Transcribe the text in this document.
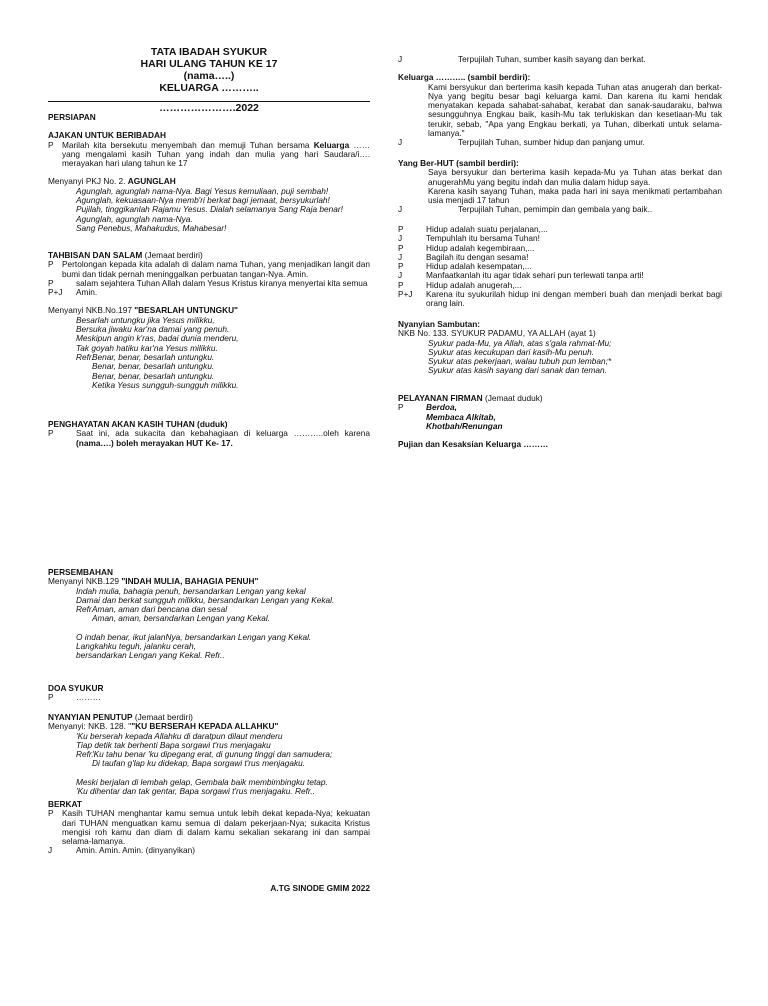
TATA IBADAH SYUKUR
HARI ULANG TAHUN KE 17
(nama…..)
KELUARGA ………..
………………….2022
PERSIAPAN
AJAKAN UNTUK BERIBADAH
P	Marilah kita bersekutu menyembah dan memuji Tuhan bersama Keluarga …… yang mengalami kasih Tuhan yang indah dan mulia yang hari Saudara/i…. merayakan hari ulang tahun ke 17
Menyanyi PKJ No. 2. AGUNGLAH
Agunglah, agunglah nama-Nya. Bagi Yesus kemuliaan, puji sembah!
Agunglah, kekuasaan-Nya memb'ri berkat bagi jemaat, bersyukurlah!
Pujilah, tinggikanlah Rajamu Yesus. Dialah selamanya Sang Raja benar!
Agunglah, agunglah nama-Nya.
Sang Penebus, Mahakudus, Mahabesar!
TAHBISAN DAN SALAM (Jemaat berdiri)
P	Pertolongan kepada kita adalah di dalam nama Tuhan, yang menjadikan langit dan bumi dan tidak pernah meninggalkan perbuatan tangan-Nya. Amin.
P	salam sejahtera Tuhan Allah dalam Yesus Kristus kiranya menyertai kita semua
P+J	Amin.
Menyanyi NKB.No.197 "BESARLAH UNTUNGKU"
Besarlah untungku jika Yesus milikku,
Bersuka jiwaku kar'na damai yang penuh.
Meskipun angin k'ras, badai dunia menderu,
Tak goyah hatiku kar'na Yesus milikku.
Refr.
Benar, benar, besarlah untungku.
Benar, benar, besarlah untungku.
Benar, benar, besarlah untungku.
Ketika Yesus sungguh-sungguh milikku.
PENGHAYATAN AKAN KASIH TUHAN (duduk)
P	Saat ini, ada sukacita dan kebahagiaan di keluarga ………..oleh karena (nama….) boleh merayakan HUT Ke- 17.
PERSEMBAHAN
Menyanyi NKB.129 "INDAH MULIA, BAHAGIA PENUH"
Indah mulia, bahagia penuh, bersandarkan Lengan yang kekal
Damai dan berkat sungguh milikku, bersandarkan Lengan yang Kekal.
Refr.
Aman, aman dari bencana dan sesal
Aman, aman, bersandarkan Lengan yang Kekal.
O indah benar, ikut jalanNya, bersandarkan Lengan yang Kekal.
Langkahku teguh, jalanku cerah,
bersandarkan Lengan yang Kekal. Refr..
DOA SYUKUR
P	………
NYANYIAN PENUTUP (Jemaat berdiri)
Menyanyi: NKB. 128. ""KU BERSERAH KEPADA ALLAHKU"
'Ku berserah kepada Allahku di daratpun dilaut menderu
Tiap detik tak berhenti Bapa sorgawi t'rus menjagaku
Refr.
'Ku tahu benar 'ku dipegang erat, di gunung tinggi dan samudera;
Di taufan g'lap ku didekap, Bapa sorgawi t'rus menjagaku.
Meski berjalan di lembah gelap, Gembala baik membimbingku tetap.
'Ku dihentar dan tak gentar, Bapa sorgawi t'rus menjagaku. Refr..
BERKAT
P	Kasih TUHAN menghantar kamu semua untuk lebih dekat kepada-Nya; kekuatan dari TUHAN menguatkan kamu semua di dalam pekerjaan-Nya; sukacita Kristus mengisi roh kamu dan diam di dalam kamu sekalian sekarang ini dan sampai selama-lamanya.
J	Amin. Amin. Amin. (dinyanyikan)
A.TG SINODE GMIM 2022
J	Terpujilah Tuhan, sumber kasih sayang dan berkat.
Keluarga ……….. (sambil berdiri):
Kami bersyukur dan berterima kasih kepada Tuhan atas anugerah dan berkat-Nya yang begitu besar bagi keluarga kami. Dan karena itu kami hendak menyatakan kepada sahabat-sahabat, kerabat dan sanak-saudaraku, bahwa sesungguhnya Engkau baik, kasih-Mu tak terlukiskan dan kesetiaan-Mu tak terukir, sebab, "Apa yang Engkau berkati, ya Tuhan, diberkati untuk selama-lamanya."
J	Terpujilah Tuhan, sumber hidup dan panjang umur.
Yang Ber-HUT (sambil berdiri):
Saya bersyukur dan berterima kasih kepada-Mu ya Tuhan atas berkat dan anugerahMu yang begitu indah dan mulia dalam hidup saya.
Karena kasih sayang Tuhan, maka pada hari ini saya menikmati pertambahan usia menjadi 17 tahun
J	Terpujilah Tuhan, pemimpin dan gembala yang baik..
P	Hidup adalah suatu perjalanan,...
J	Tempuhlah itu bersama Tuhan!
P	Hidup adalah kegembiraan,...
J	Bagilah itu dengan sesama!
P	Hidup adalah kesempatan,...
J	Manfaatkanlah itu agar tidak sehari pun terlewati tanpa arti!
P	Hidup adalah anugerah,...
P+J	Karena itu syukurilah hidup ini dengan memberi buah dan menjadi berkat bagi orang lain.
Nyanyian Sambutan:
NKB No. 133. SYUKUR PADAMU, YA ALLAH (ayat 1)
Syukur pada-Mu, ya Allah, atas s'gala rahmat-Mu;
Syukur atas kecukupan dari kasih-Mu penuh.
Syukur atas pekerjaan, walau tubuh pun lemban;*
Syukur atas kasih sayang dari sanak dan teman.
PELAYANAN FIRMAN (Jemaat duduk)
P	Berdoa,
Membaca Alkitab,
Khotbah/Renungan
Pujian dan Kesaksian Keluarga ………
